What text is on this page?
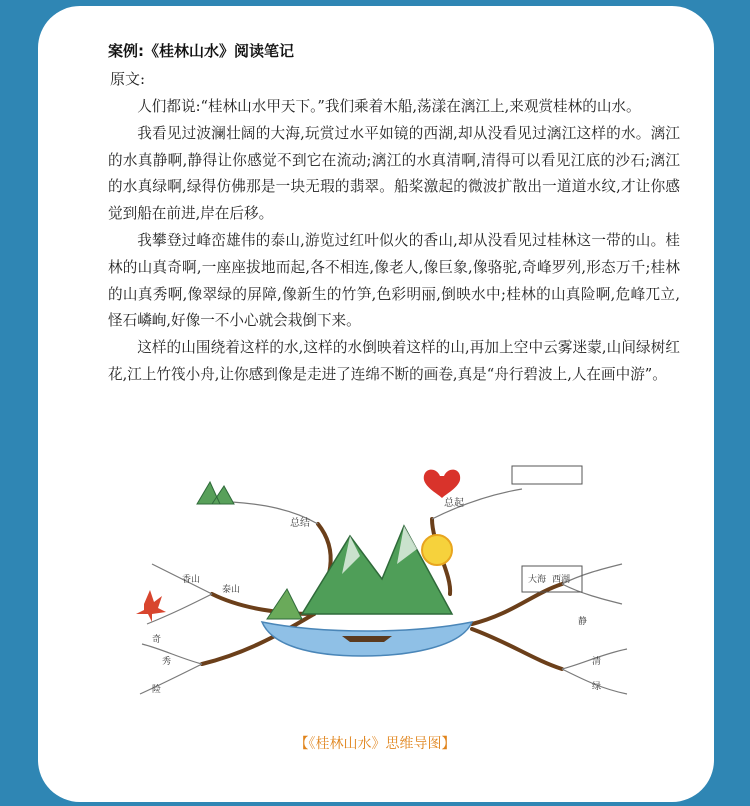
案例:《桂林山水》阅读笔记
原文:

人们都说:“桂林山水甲天下。”我们乘着木船,荡漾在漓江上,来观赏桂林的山水。

我看见过波澜壮阔的大海,玩赏过水平如镜的西湖,却从没看见过漓江这样的水。漓江的水真静啊,静得让你感觉不到它在流动;漓江的水真清啊,清得可以看见江底的沙石;漓江的水真绿啊,绿得仿佛那是一块无瑕的翡翠。船桨激起的微波扩散出一道道水纹,才让你感觉到船在前进,岸在后移。

我攀登过峰峦雄伟的泰山,游览过红叶似火的香山,却从没看见过桂林这一带的山。桂林的山真奇啊,一座座拔地而起,各不相连,像老人,像巨象,像骆驼,奇峰罗列,形态万千;桂林的山真秀啊,像翠绿的屏障,像新生的竹笋,色彩明丽,倒映水中;桂林的山真险啊,危峰兀立,怪石嶙峋,好像一不小心就会栽倒下来。

这样的山围绕着这样的水,这样的水倒映着这样的山,再加上空中云雾迷蒙,山间绿树红花,江上竹筏小舟,让你感到像是走进了连绵不断的画卷,真是“舟行碧波上,人在画中游”。

总结
总起
大海 西湖
静
清
绿
泰山
香山
奇
秀
险
【《桂林山水》思维导图】
